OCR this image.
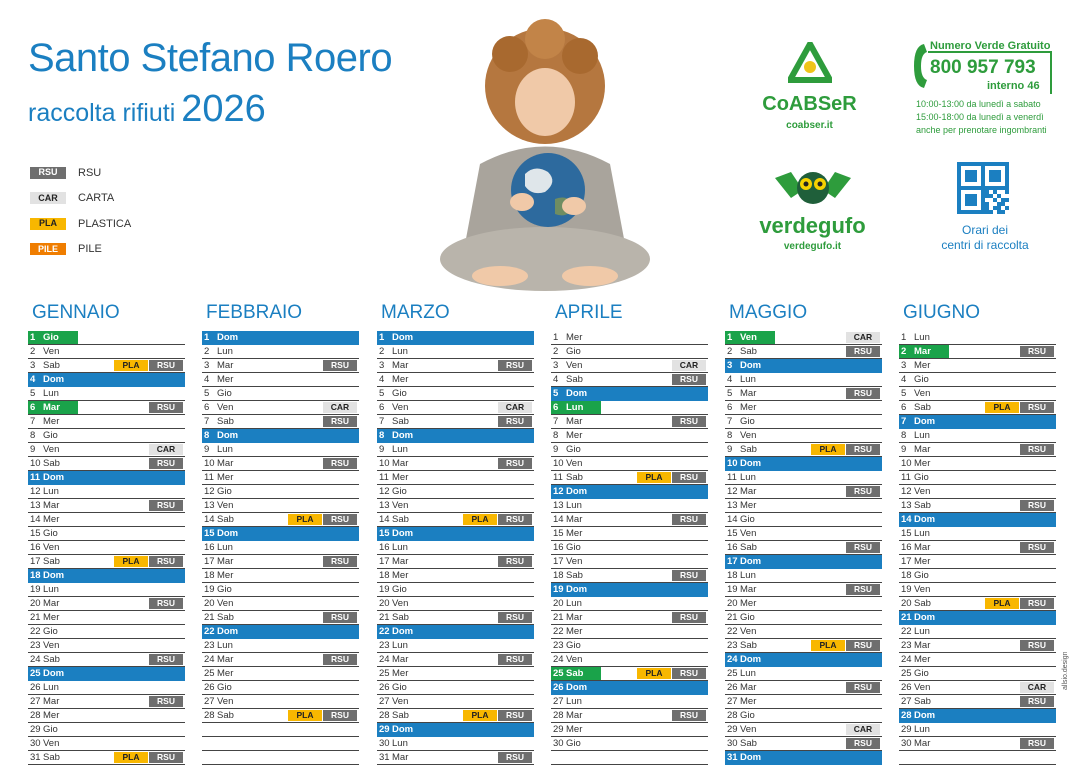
Santo Stefano Roero
raccolta rifiuti 2026
RSU	RSU
CAR	CARTA
PLA	PLASTICA
PILE	PILE
CoABSeR
coabser.it
verdegufo
verdegufo.it
Numero Verde Gratuito
800 957 793
interno 46
10:00-13:00 da lunedì a sabato
15:00-18:00 da lunedì a venerdì
anche per prenotare ingombranti
Orari dei
centri di raccolta
GENNAIO
1 Gio
2 Ven
3 Sab	PLA	RSU
4 Dom
5 Lun
6 Mar	RSU
7 Mer
8 Gio
9 Ven	CAR
10 Sab	RSU
11 Dom
12 Lun
13 Mar	RSU
14 Mer
15 Gio
16 Ven
17 Sab	PLA	RSU
18 Dom
19 Lun
20 Mar	RSU
21 Mer
22 Gio
23 Ven
24 Sab	RSU
25 Dom
26 Lun
27 Mar	RSU
28 Mer
29 Gio
30 Ven
31 Sab	PLA	RSU
FEBBRAIO
1 Dom
2 Lun
3 Mar	RSU
4 Mer
5 Gio
6 Ven	CAR
7 Sab	RSU
8 Dom
9 Lun
10 Mar	RSU
11 Mer
12 Gio
13 Ven
14 Sab	PLA	RSU
15 Dom
16 Lun
17 Mar	RSU
18 Mer
19 Gio
20 Ven
21 Sab	RSU
22 Dom
23 Lun
24 Mar	RSU
25 Mer
26 Gio
27 Ven
28 Sab	PLA	RSU
MARZO
1 Dom
2 Lun
3 Mar	RSU
4 Mer
5 Gio
6 Ven	CAR
7 Sab	RSU
8 Dom
9 Lun
10 Mar	RSU
11 Mer
12 Gio
13 Ven
14 Sab	PLA	RSU
15 Dom
16 Lun
17 Mar	RSU
18 Mer
19 Gio
20 Ven
21 Sab	RSU
22 Dom
23 Lun
24 Mar	RSU
25 Mer
26 Gio
27 Ven
28 Sab	PLA	RSU
29 Dom
30 Lun
31 Mar	RSU
APRILE
1 Mer
2 Gio
3 Ven	CAR
4 Sab	RSU
5 Dom
6 Lun
7 Mar	RSU
8 Mer
9 Gio
10 Ven
11 Sab	PLA	RSU
12 Dom
13 Lun
14 Mar	RSU
15 Mer
16 Gio
17 Ven
18 Sab	RSU
19 Dom
20 Lun
21 Mar	RSU
22 Mer
23 Gio
24 Ven
25 Sab	PLA	RSU
26 Dom
27 Lun
28 Mar	RSU
29 Mer
30 Gio
MAGGIO
1 Ven	CAR
2 Sab	RSU
3 Dom
4 Lun
5 Mar	RSU
6 Mer
7 Gio
8 Ven
9 Sab	PLA	RSU
10 Dom
11 Lun
12 Mar	RSU
13 Mer
14 Gio
15 Ven
16 Sab	RSU
17 Dom
18 Lun
19 Mar	RSU
20 Mer
21 Gio
22 Ven
23 Sab	PLA	RSU
24 Dom
25 Lun
26 Mar	RSU
27 Mer
28 Gio
29 Ven	CAR
30 Sab	RSU
31 Dom
GIUGNO
1 Lun
2 Mar	RSU
3 Mer
4 Gio
5 Ven
6 Sab	PLA	RSU
7 Dom
8 Lun
9 Mar	RSU
10 Mer
11 Gio
12 Ven
13 Sab	RSU
14 Dom
15 Lun
16 Mar	RSU
17 Mer
18 Gio
19 Ven
20 Sab	PLA	RSU
21 Dom
22 Lun
23 Mar	RSU
24 Mer
25 Gio
26 Ven	CAR
27 Sab	RSU
28 Dom
29 Lun
30 Mar	RSU
allsio.design
